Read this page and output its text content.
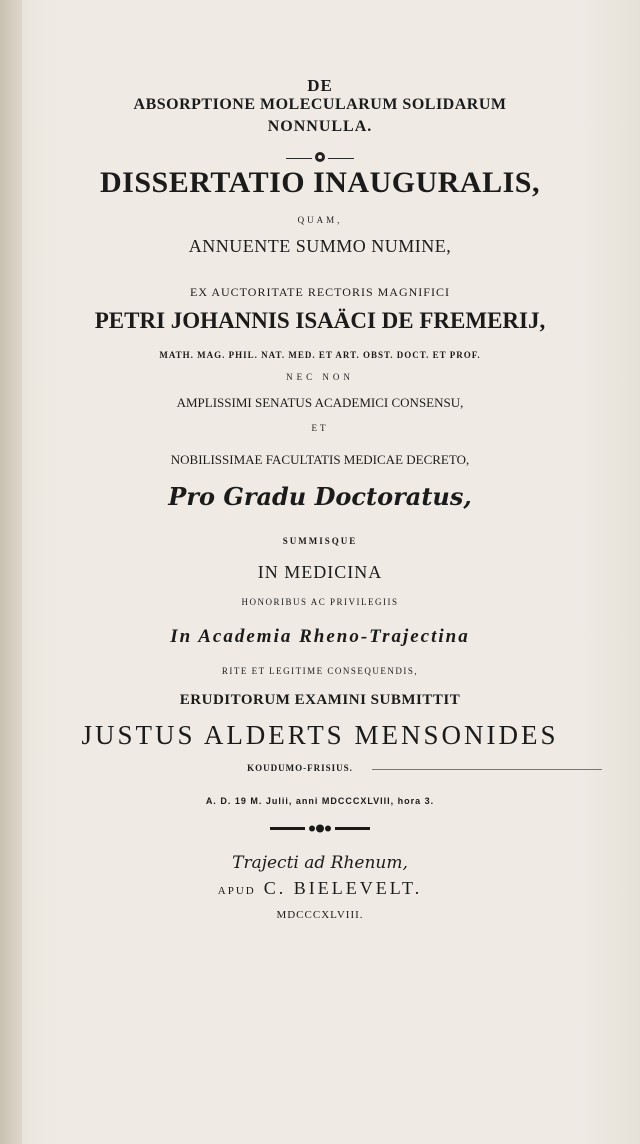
DE
ABSORPTIONE MOLECULARUM SOLIDARUM
NONNULLA.
DISSERTATIO INAUGURALIS,
QUAM,
ANNUENTE SUMMO NUMINE,
EX AUCTORITATE RECTORIS MAGNIFICI
PETRI JOHANNIS ISAÄCI DE FREMERIJ,
MATH. MAG. PHIL. NAT. MED. ET ART. OBST. DOCT. ET PROF.
NEC NON
AMPLISSIMI SENATUS ACADEMICI CONSENSU,
ET
NOBILISSIMAE FACULTATIS MEDICAE DECRETO,
Pro Gradu Doctoratus,
SUMMISQUE
IN MEDICINA
HONORIBUS AC PRIVILEGIIS
In Academia Rheno-Trajectina
RITE ET LEGITIME CONSEQUENDIS,
ERUDITORUM EXAMINI SUBMITTIT
JUSTUS ALDERTS MENSONIDES
KOUDUMO-FRISIUS.
A. D. 19 M. Julii, anni MDCCCXLVIII, hora 3.
Trajecti ad Rhenum,
APUD C. BIELEVELT.
MDCCCXLVIII.
